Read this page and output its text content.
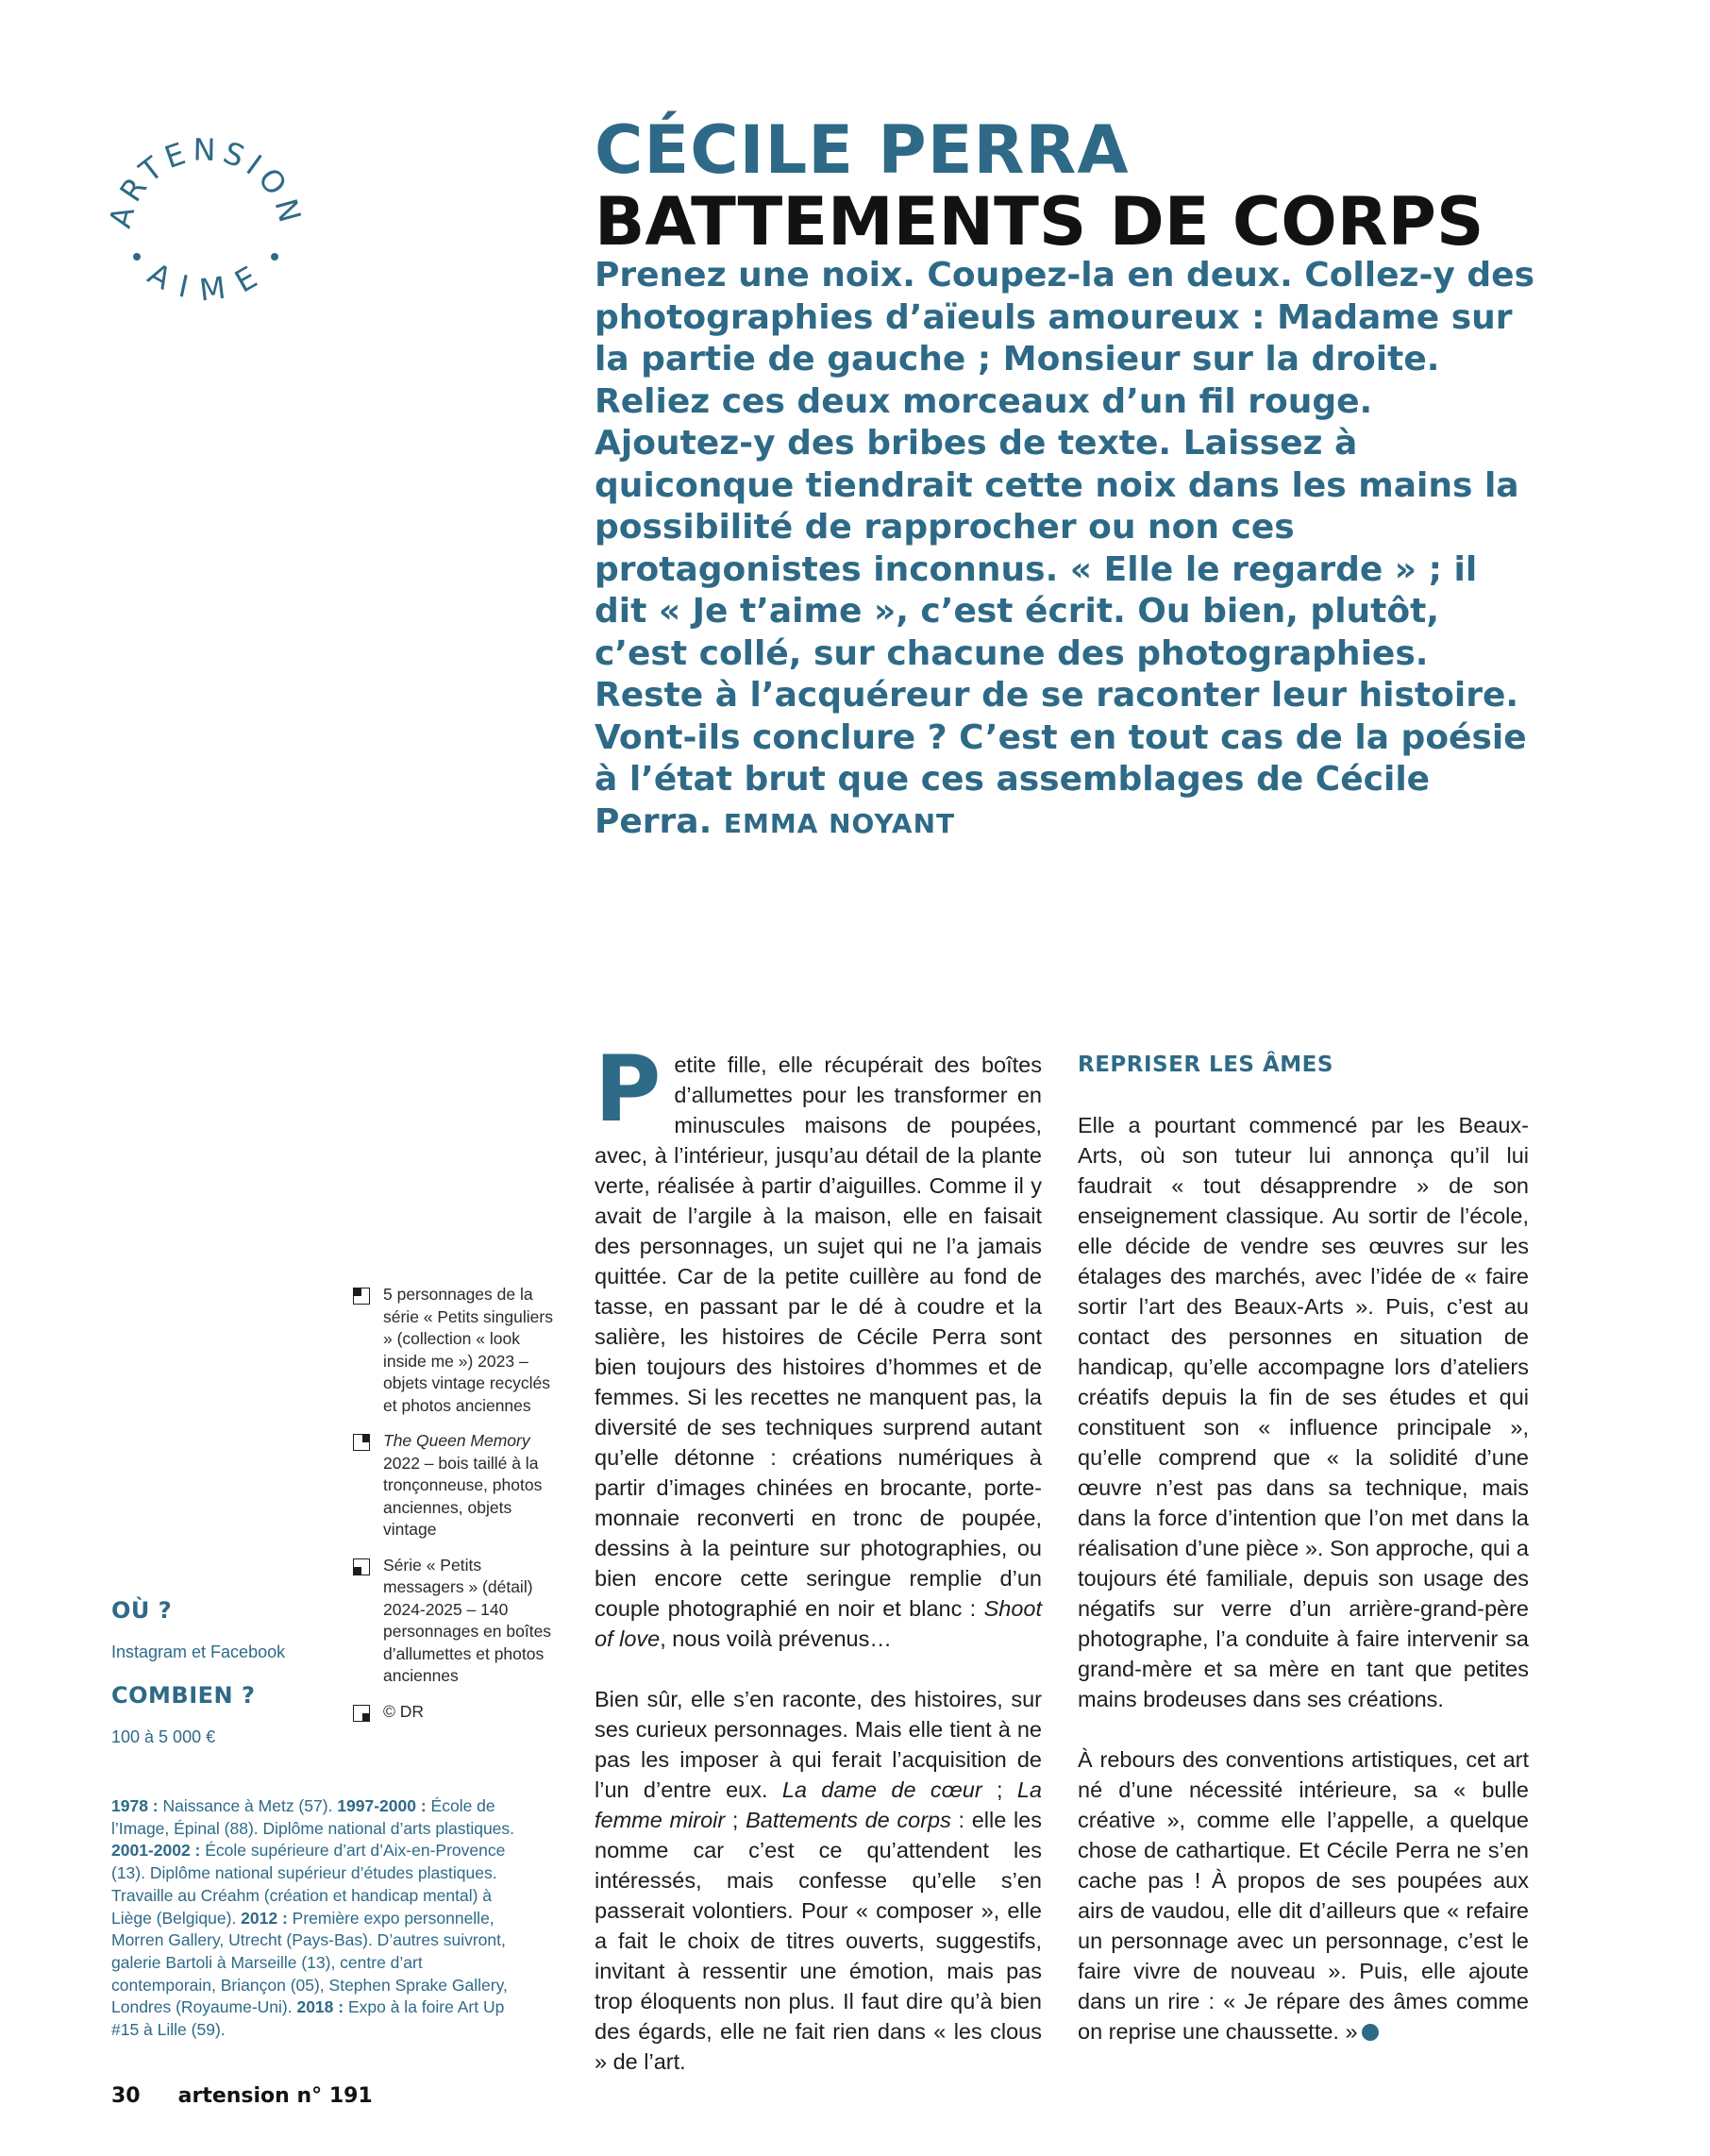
ARTENSION
AIME
CÉCILE PERRA
BATTEMENTS DE CORPS
Prenez une noix. Coupez-la en deux. Collez-y des photographies d’aïeuls amoureux : Madame sur la partie de gauche ; Monsieur sur la droite. Reliez ces deux morceaux d’un fil rouge. Ajoutez-y des bribes de texte. Laissez à quiconque tiendrait cette noix dans les mains la possibilité de rapprocher ou non ces protagonistes inconnus. « Elle le regarde » ; il dit « Je t’aime », c’est écrit. Ou bien, plutôt, c’est collé, sur chacune des photographies. Reste à l’acquéreur de se raconter leur histoire. Vont-ils conclure ? C’est en tout cas de la poésie à l’état brut que ces assemblages de Cécile Perra. EMMA NOYANT

Petite fille, elle récupérait des boîtes d’allumettes pour les transformer en minuscules maisons de poupées, avec, à l’intérieur, jusqu’au détail de la plante verte, réalisée à partir d’aiguilles. Comme il y avait de l’argile à la maison, elle en faisait des personnages, un sujet qui ne l’a jamais quittée. Car de la petite cuillère au fond de tasse, en passant par le dé à coudre et la salière, les histoires de Cécile Perra sont bien toujours des histoires d’hommes et de femmes. Si les recettes ne manquent pas, la diversité de ses techniques surprend autant qu’elle détonne : créations numériques à partir d’images chinées en brocante, porte-monnaie reconverti en tronc de poupée, dessins à la peinture sur photographies, ou bien encore cette seringue remplie d’un couple photographié en noir et blanc : Shoot of love, nous voilà prévenus…

Bien sûr, elle s’en raconte, des histoires, sur ses curieux personnages. Mais elle tient à ne pas les imposer à qui ferait l’acquisition de l’un d’entre eux. La dame de cœur ; La femme miroir ; Battements de corps : elle les nomme car c’est ce qu’attendent les intéressés, mais confesse qu’elle s’en passerait volontiers. Pour « composer », elle a fait le choix de titres ouverts, suggestifs, invitant à ressentir une émotion, mais pas trop éloquents non plus. Il faut dire qu’à bien des égards, elle ne fait rien dans « les clous » de l’art.

REPRISER LES ÂMES

Elle a pourtant commencé par les Beaux-Arts, où son tuteur lui annonça qu’il lui faudrait « tout désapprendre » de son enseignement classique. Au sortir de l’école, elle décide de vendre ses œuvres sur les étalages des marchés, avec l’idée de « faire sortir l’art des Beaux-Arts ». Puis, c’est au contact des personnes en situation de handicap, qu’elle accompagne lors d’ateliers créatifs depuis la fin de ses études et qui constituent son « influence principale », qu’elle comprend que « la solidité d’une œuvre n’est pas dans sa technique, mais dans la force d’intention que l’on met dans la réalisation d’une pièce ». Son approche, qui a toujours été familiale, depuis son usage des négatifs sur verre d’un arrière-grand-père photographe, l’a conduite à faire intervenir sa grand-mère et sa mère en tant que petites mains brodeuses dans ses créations.

À rebours des conventions artistiques, cet art né d’une nécessité intérieure, sa « bulle créative », comme elle l’appelle, a quelque chose de cathartique. Et Cécile Perra ne s’en cache pas ! À propos de ses poupées aux airs de vaudou, elle dit d’ailleurs que « refaire un personnage avec un personnage, c’est le faire vivre de nouveau ». Puis, elle ajoute dans un rire : « Je répare des âmes comme on reprise une chaussette. »

5 personnages de la série « Petits singuliers » (collection « look inside me ») 2023 – objets vintage recyclés et photos anciennes
The Queen Memory
2022 – bois taillé à la tronçonneuse, photos anciennes, objets vintage
Série « Petits messagers » (détail) 2024-2025 – 140 personnages en boîtes d’allumettes et photos anciennes
© DR
OÙ ?
Instagram et Facebook
COMBIEN ?
100 à 5 000 €
1978 : Naissance à Metz (57). 1997-2000 : École de l’Image, Épinal (88). Diplôme national d’arts plastiques. 2001-2002 : École supérieure d’art d’Aix-en-Provence (13). Diplôme national supérieur d’études plastiques. Travaille au Créahm (création et handicap mental) à Liège (Belgique). 2012 : Première expo personnelle, Morren Gallery, Utrecht (Pays-Bas). D’autres suivront, galerie Bartoli à Marseille (13), centre d’art contemporain, Briançon (05), Stephen Sprake Gallery, Londres (Royaume-Uni). 2018 : Expo à la foire Art Up #15 à Lille (59).
30 artension n° 191
